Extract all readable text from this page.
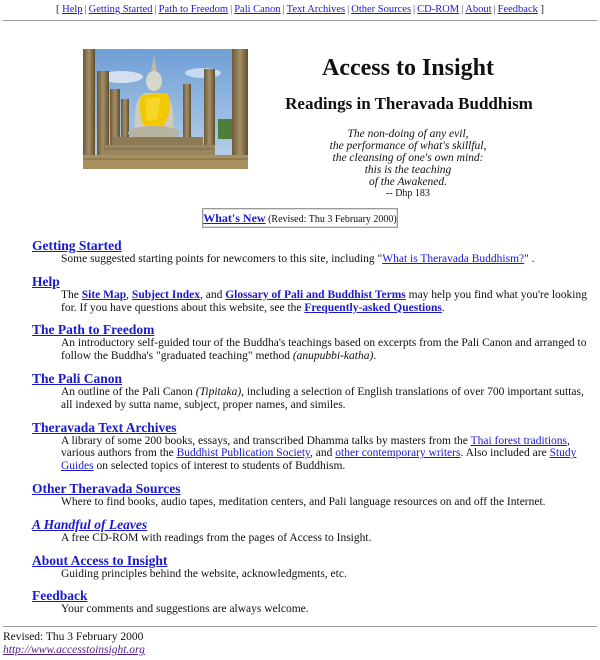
[ Help | Getting Started | Path to Freedom | Pali Canon | Text Archives | Other Sources | CD-ROM | About | Feedback ]
Access to Insight
Readings in Theravada Buddhism
The non-doing of any evil,
the performance of what's skillful,
the cleansing of one's own mind:
this is the teaching
of the Awakened.
-- Dhp 183
What's New (Revised: Thu 3 February 2000)
Getting Started
Some suggested starting points for newcomers to this site, including "What is Theravada Buddhism?" .
Help
The Site Map, Subject Index, and Glossary of Pali and Buddhist Terms may help you find what you're looking for. If you have questions about this website, see the Frequently-asked Questions.
The Path to Freedom
An introductory self-guided tour of the Buddha's teachings based on excerpts from the Pali Canon and arranged to follow the Buddha's "graduated teaching" method (anupubbi-katha).
The Pali Canon
An outline of the Pali Canon (Tipitaka), including a selection of English translations of over 700 important suttas, all indexed by sutta name, subject, proper names, and similes.
Theravada Text Archives
A library of some 200 books, essays, and transcribed Dhamma talks by masters from the Thai forest traditions, various authors from the Buddhist Publication Society, and other contemporary writers. Also included are Study Guides on selected topics of interest to students of Buddhism.
Other Theravada Sources
Where to find books, audio tapes, meditation centers, and Pali language resources on and off the Internet.
A Handful of Leaves
A free CD-ROM with readings from the pages of Access to Insight.
About Access to Insight
Guiding principles behind the website, acknowledgments, etc.
Feedback
Your comments and suggestions are always welcome.
Revised: Thu 3 February 2000
http://www.accesstoinsight.org
